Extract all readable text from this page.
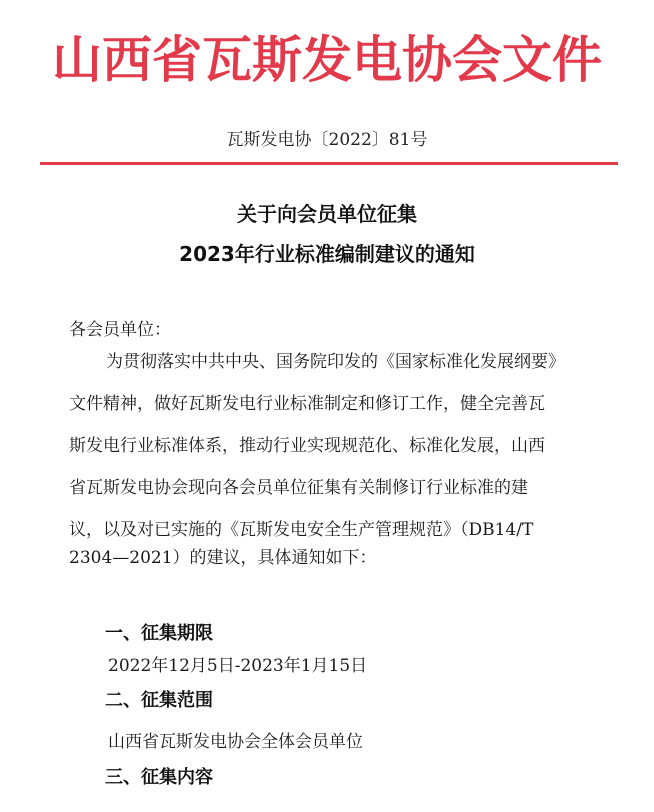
山西省瓦斯发电协会文件
瓦斯发电协〔2022〕81号
关于向会员单位征集
2023年行业标准编制建议的通知
各会员单位：
为贯彻落实中共中央、国务院印发的《国家标准化发展纲要》
文件精神，做好瓦斯发电行业标准制定和修订工作，健全完善瓦
斯发电行业标准体系，推动行业实现规范化、标准化发展，山西
省瓦斯发电协会现向各会员单位征集有关制修订行业标准的建
议，以及对已实施的《瓦斯发电安全生产管理规范》（DB14/T
2304—2021）的建议，具体通知如下：
一、征集期限
2022年12月5日-2023年1月15日
二、征集范围
山西省瓦斯发电协会全体会员单位
三、征集内容
